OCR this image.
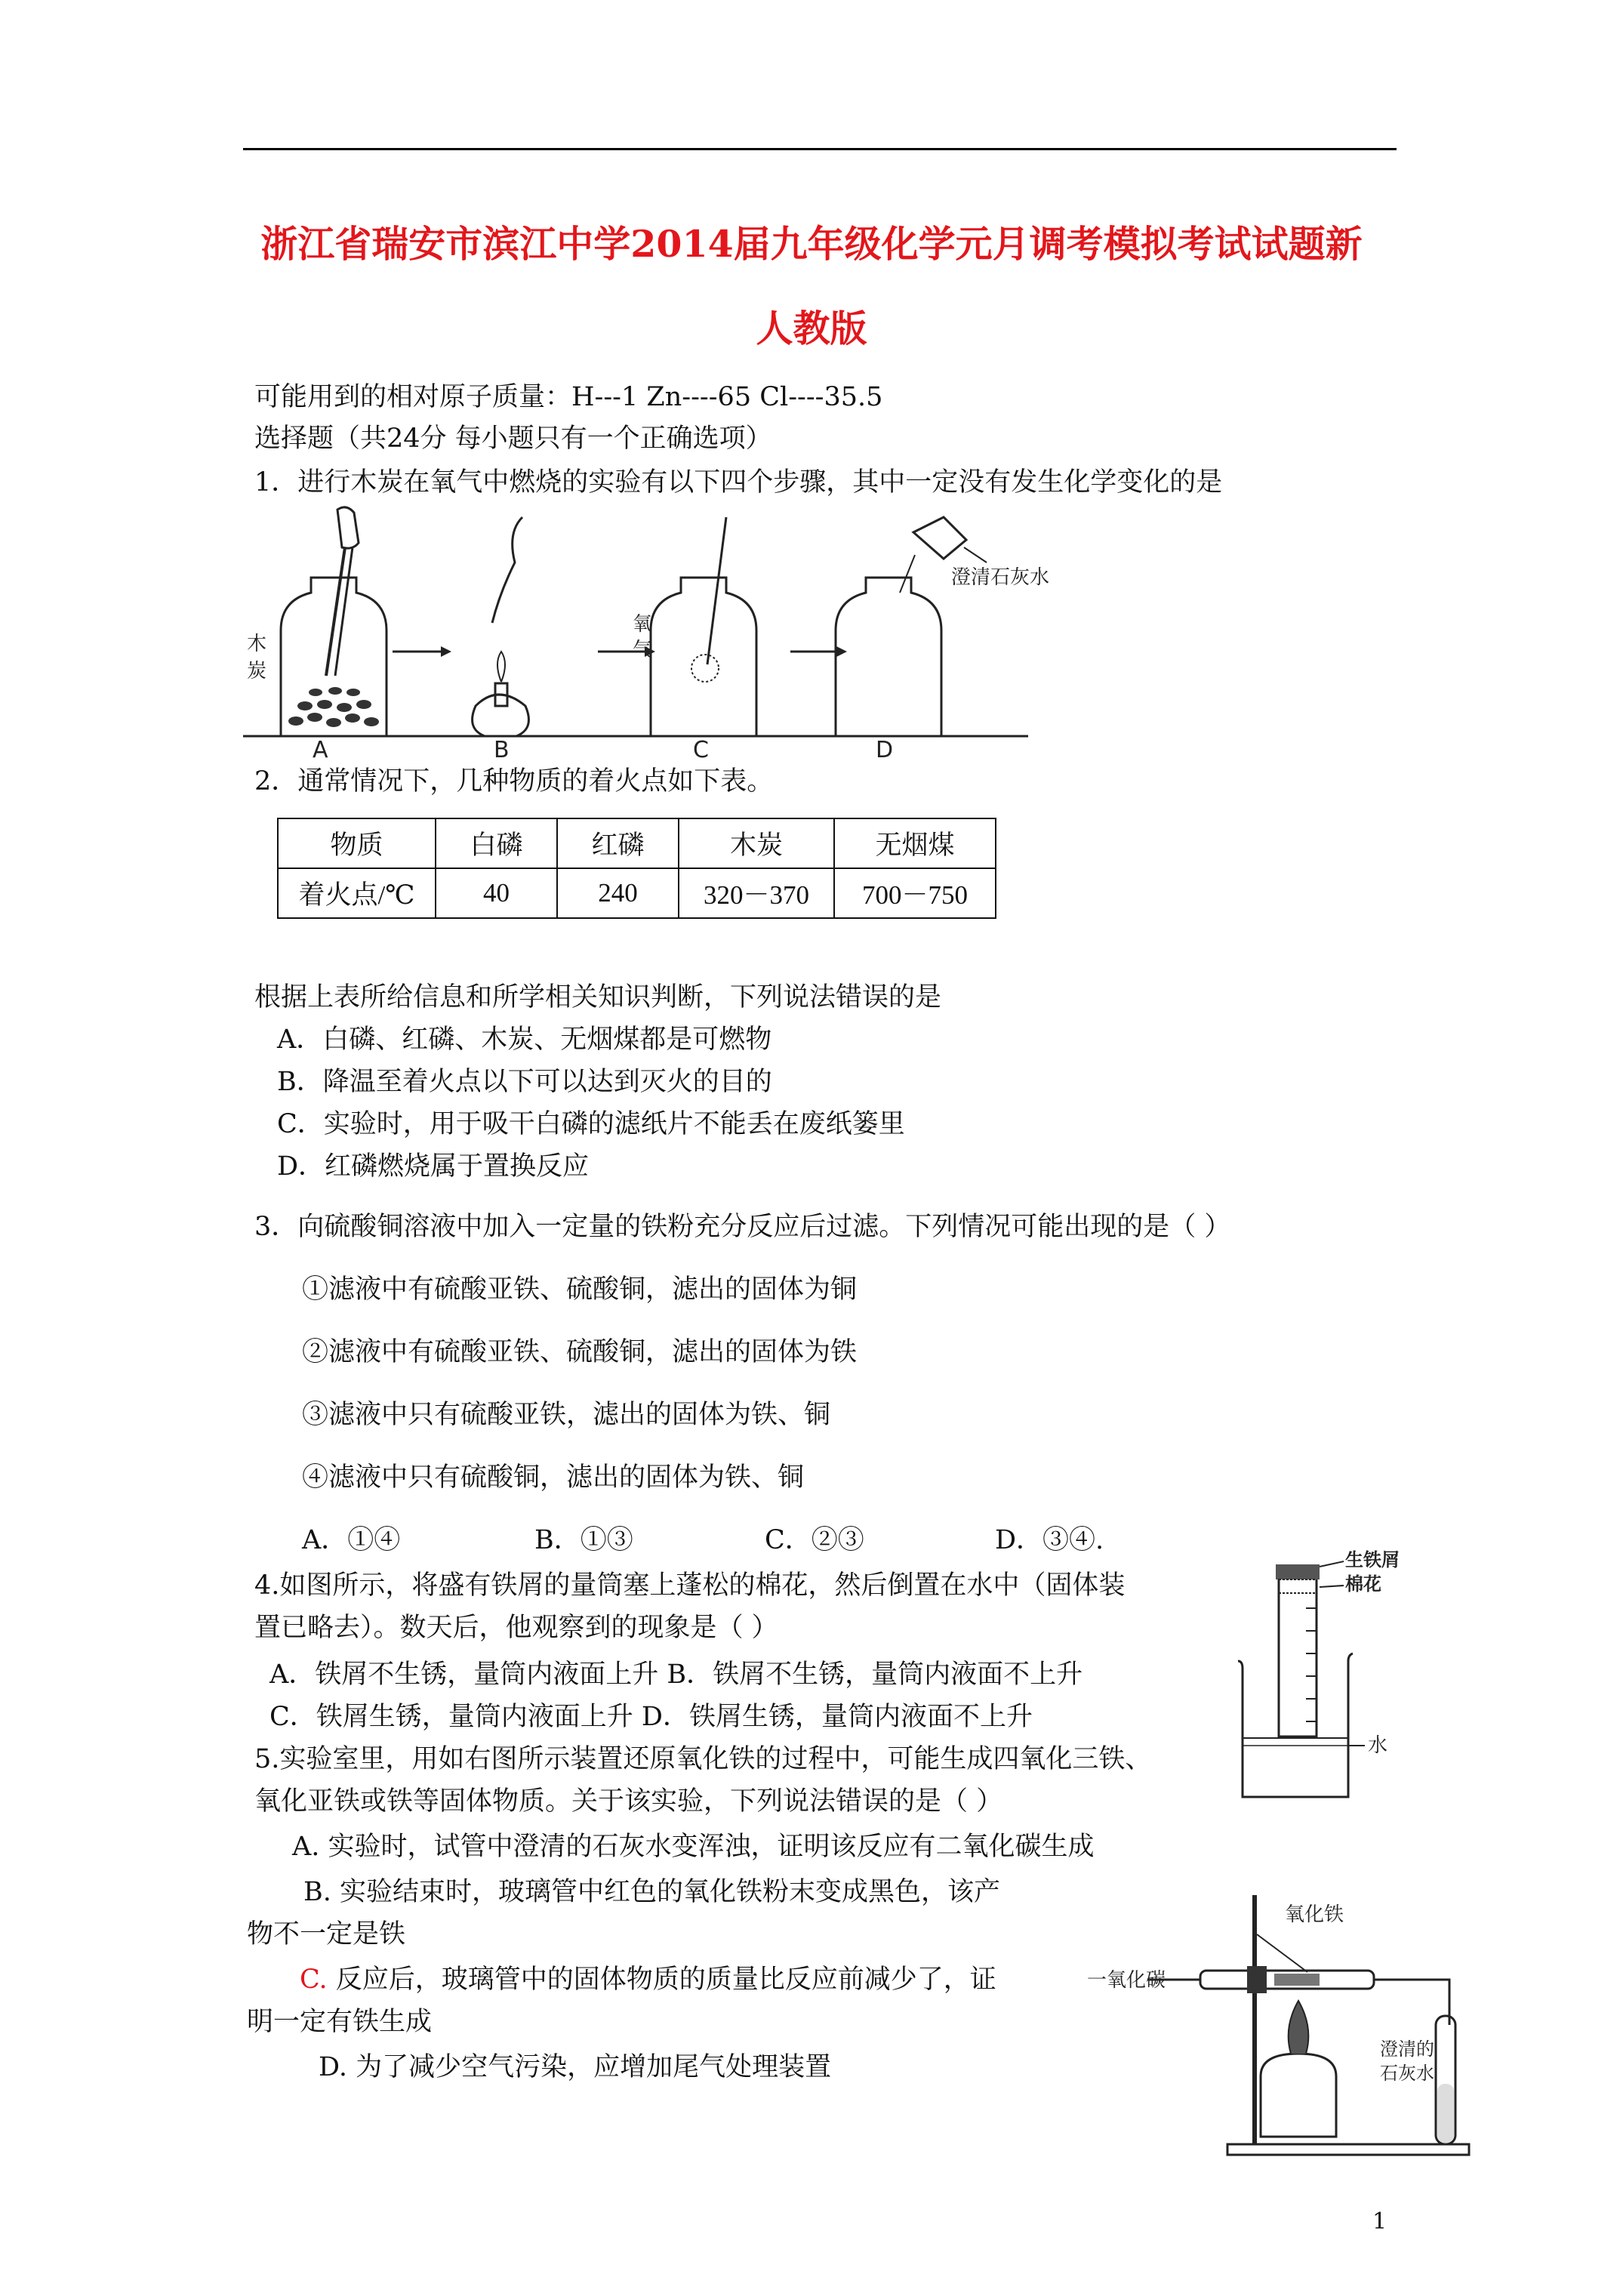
浙江省瑞安市滨江中学2014届九年级化学元月调考模拟考试试题新
人教版
可能用到的相对原子质量：H---1 Zn----65 Cl----35.5
选择题（共24分 每小题只有一个正确选项）
1．进行木炭在氧气中燃烧的实验有以下四个步骤，其中一定没有发生化学变化的是
木
炭
氧
气
澄清石灰水
A	B	C	D
2．通常情况下，几种物质的着火点如下表。
物质	白磷	红磷	木炭	无烟煤
着火点/℃	40	240	320－370	700－750
根据上表所给信息和所学相关知识判断，下列说法错误的是
A．白磷、红磷、木炭、无烟煤都是可燃物
B．降温至着火点以下可以达到灭火的目的
C．实验时，用于吸干白磷的滤纸片不能丢在废纸篓里
D．红磷燃烧属于置换反应
3．向硫酸铜溶液中加入一定量的铁粉充分反应后过滤。下列情况可能出现的是（ ）
①滤液中有硫酸亚铁、硫酸铜，滤出的固体为铜
②滤液中有硫酸亚铁、硫酸铜，滤出的固体为铁
③滤液中只有硫酸亚铁，滤出的固体为铁、铜
④滤液中只有硫酸铜，滤出的固体为铁、铜
A．①④	B．①③	C．②③	D．③④.
4.如图所示，将盛有铁屑的量筒塞上蓬松的棉花，然后倒置在水中（固体装
置已略去）。数天后，他观察到的现象是（ ）
A．铁屑不生锈，量筒内液面上升 B．铁屑不生锈，量筒内液面不上升
C．铁屑生锈，量筒内液面上升 D．铁屑生锈，量筒内液面不上升
生铁屑
棉花
水
5.实验室里，用如右图所示装置还原氧化铁的过程中，可能生成四氧化三铁、
氧化亚铁或铁等固体物质。关于该实验，下列说法错误的是（ ）
A. 实验时，试管中澄清的石灰水变浑浊，证明该反应有二氧化碳生成
B. 实验结束时，玻璃管中红色的氧化铁粉末变成黑色，该产
物不一定是铁
C. 反应后，玻璃管中的固体物质的质量比反应前减少了，证
明一定有铁生成
D. 为了减少空气污染，应增加尾气处理装置
氧化铁
一氧化碳
澄清的
石灰水
1
